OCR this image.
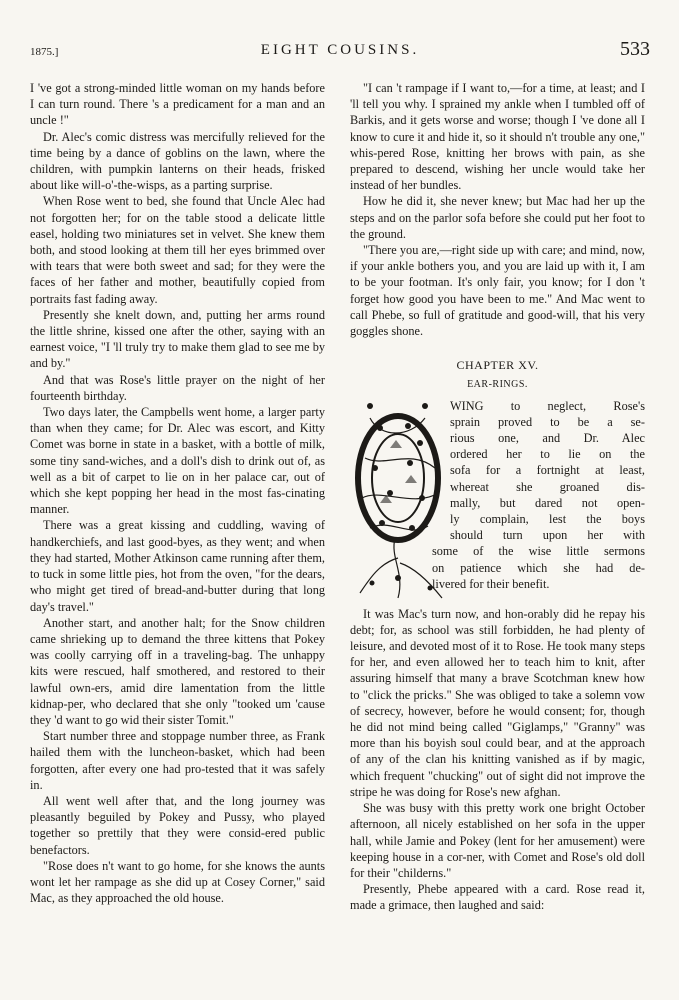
1875.]	EIGHT COUSINS.	533

I 've got a strong-minded little woman on my hands before I can turn round. There 's a predicament for a man and an uncle !"

Dr. Alec's comic distress was mercifully relieved for the time being by a dance of goblins on the lawn, where the children, with pumpkin lanterns on their heads, frisked about like will-o'-the-wisps, as a parting surprise.

When Rose went to bed, she found that Uncle Alec had not forgotten her; for on the table stood a delicate little easel, holding two miniatures set in velvet. She knew them both, and stood looking at them till her eyes brimmed over with tears that were both sweet and sad; for they were the faces of her father and mother, beautifully copied from portraits fast fading away.

Presently she knelt down, and, putting her arms round the little shrine, kissed one after the other, saying with an earnest voice, "I 'll truly try to make them glad to see me by and by."

And that was Rose's little prayer on the night of her fourteenth birthday.

Two days later, the Campbells went home, a larger party than when they came; for Dr. Alec was escort, and Kitty Comet was borne in state in a basket, with a bottle of milk, some tiny sand-wiches, and a doll's dish to drink out of, as well as a bit of carpet to lie on in her palace car, out of which she kept popping her head in the most fas-cinating manner.

There was a great kissing and cuddling, waving of handkerchiefs, and last good-byes, as they went; and when they had started, Mother Atkinson came running after them, to tuck in some little pies, hot from the oven, "for the dears, who might get tired of bread-and-butter during that long day's travel."

Another start, and another halt; for the Snow children came shrieking up to demand the three kittens that Pokey was coolly carrying off in a traveling-bag. The unhappy kits were rescued, half smothered, and restored to their lawful own-ers, amid dire lamentation from the little kidnap-per, who declared that she only "tooked um 'cause they 'd want to go wid their sister Tomit."

Start number three and stoppage number three, as Frank hailed them with the luncheon-basket, which had been forgotten, after every one had pro-tested that it was safely in.

All went well after that, and the long journey was pleasantly beguiled by Pokey and Pussy, who played together so prettily that they were consid-ered public benefactors.

"Rose does n't want to go home, for she knows the aunts wont let her rampage as she did up at Cosey Corner," said Mac, as they approached the old house.

"I can 't rampage if I want to,—for a time, at least; and I 'll tell you why. I sprained my ankle when I tumbled off of Barkis, and it gets worse and worse; though I 've done all I know to cure it and hide it, so it should n't trouble any one," whis-pered Rose, knitting her brows with pain, as she prepared to descend, wishing her uncle would take her instead of her bundles.

How he did it, she never knew; but Mac had her up the steps and on the parlor sofa before she could put her foot to the ground.

"There you are,—right side up with care; and mind, now, if your ankle bothers you, and you are laid up with it, I am to be your footman. It's only fair, you know; for I don 't forget how good you have been to me." And Mac went to call Phebe, so full of gratitude and good-will, that his very goggles shone.

CHAPTER XV.
EAR-RINGS.
WING to neglect, Rose's
sprain proved to be a se-
rious one, and Dr. Alec
ordered her to lie on the
sofa for a fortnight at least,
whereat she groaned dis-
mally, but dared not open-
ly complain, lest the boys
should turn upon her with
some of the wise little sermons
on patience which she had de-
livered for their benefit.

It was Mac's turn now, and hon-orably did he repay his debt; for, as school was still forbidden, he had plenty of leisure, and devoted most of it to Rose. He took many steps for her, and even allowed her to teach him to knit, after assuring himself that many a brave Scotchman knew how to "click the pricks." She was obliged to take a solemn vow of secrecy, however, before he would consent; for, though he did not mind being called "Giglamps," "Granny" was more than his boyish soul could bear, and at the approach of any of the clan his knitting vanished as if by magic, which frequent "chucking" out of sight did not improve the stripe he was doing for Rose's new afghan.

She was busy with this pretty work one bright October afternoon, all nicely established on her sofa in the upper hall, while Jamie and Pokey (lent for her amusement) were keeping house in a cor-ner, with Comet and Rose's old doll for their "childerns."

Presently, Phebe appeared with a card. Rose read it, made a grimace, then laughed and said:
